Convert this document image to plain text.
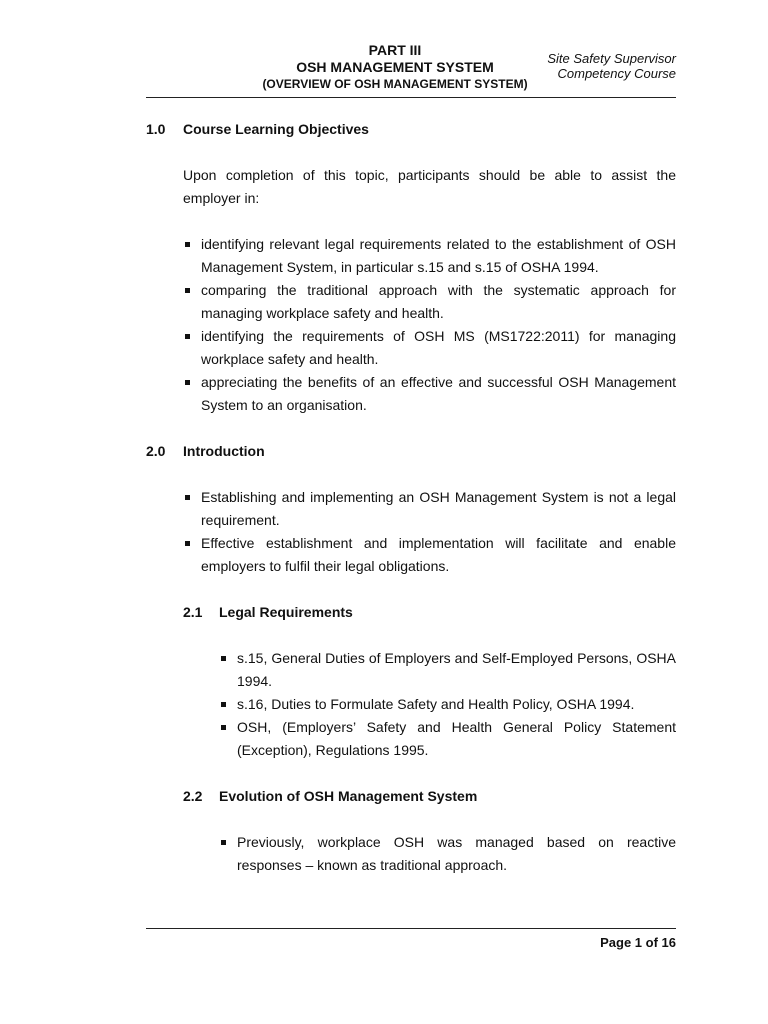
PART III
OSH MANAGEMENT SYSTEM
(OVERVIEW OF OSH MANAGEMENT SYSTEM)
Site Safety Supervisor
Competency Course
1.0	Course Learning Objectives
Upon completion of this topic, participants should be able to assist the employer in:
identifying relevant legal requirements related to the establishment of OSH Management System, in particular s.15 and s.15 of OSHA 1994.
comparing the traditional approach with the systematic approach for managing workplace safety and health.
identifying the requirements of OSH MS (MS1722:2011) for managing workplace safety and health.
appreciating the benefits of an effective and successful OSH Management System to an organisation.
2.0	Introduction
Establishing and implementing an OSH Management System is not a legal requirement.
Effective establishment and implementation will facilitate and enable employers to fulfil their legal obligations.
2.1	Legal Requirements
s.15, General Duties of Employers and Self-Employed Persons, OSHA 1994.
s.16, Duties to Formulate Safety and Health Policy, OSHA 1994.
OSH, (Employers’ Safety and Health General Policy Statement (Exception), Regulations 1995.
2.2	Evolution of OSH Management System
Previously, workplace OSH was managed based on reactive responses – known as traditional approach.
Page 1 of 16
